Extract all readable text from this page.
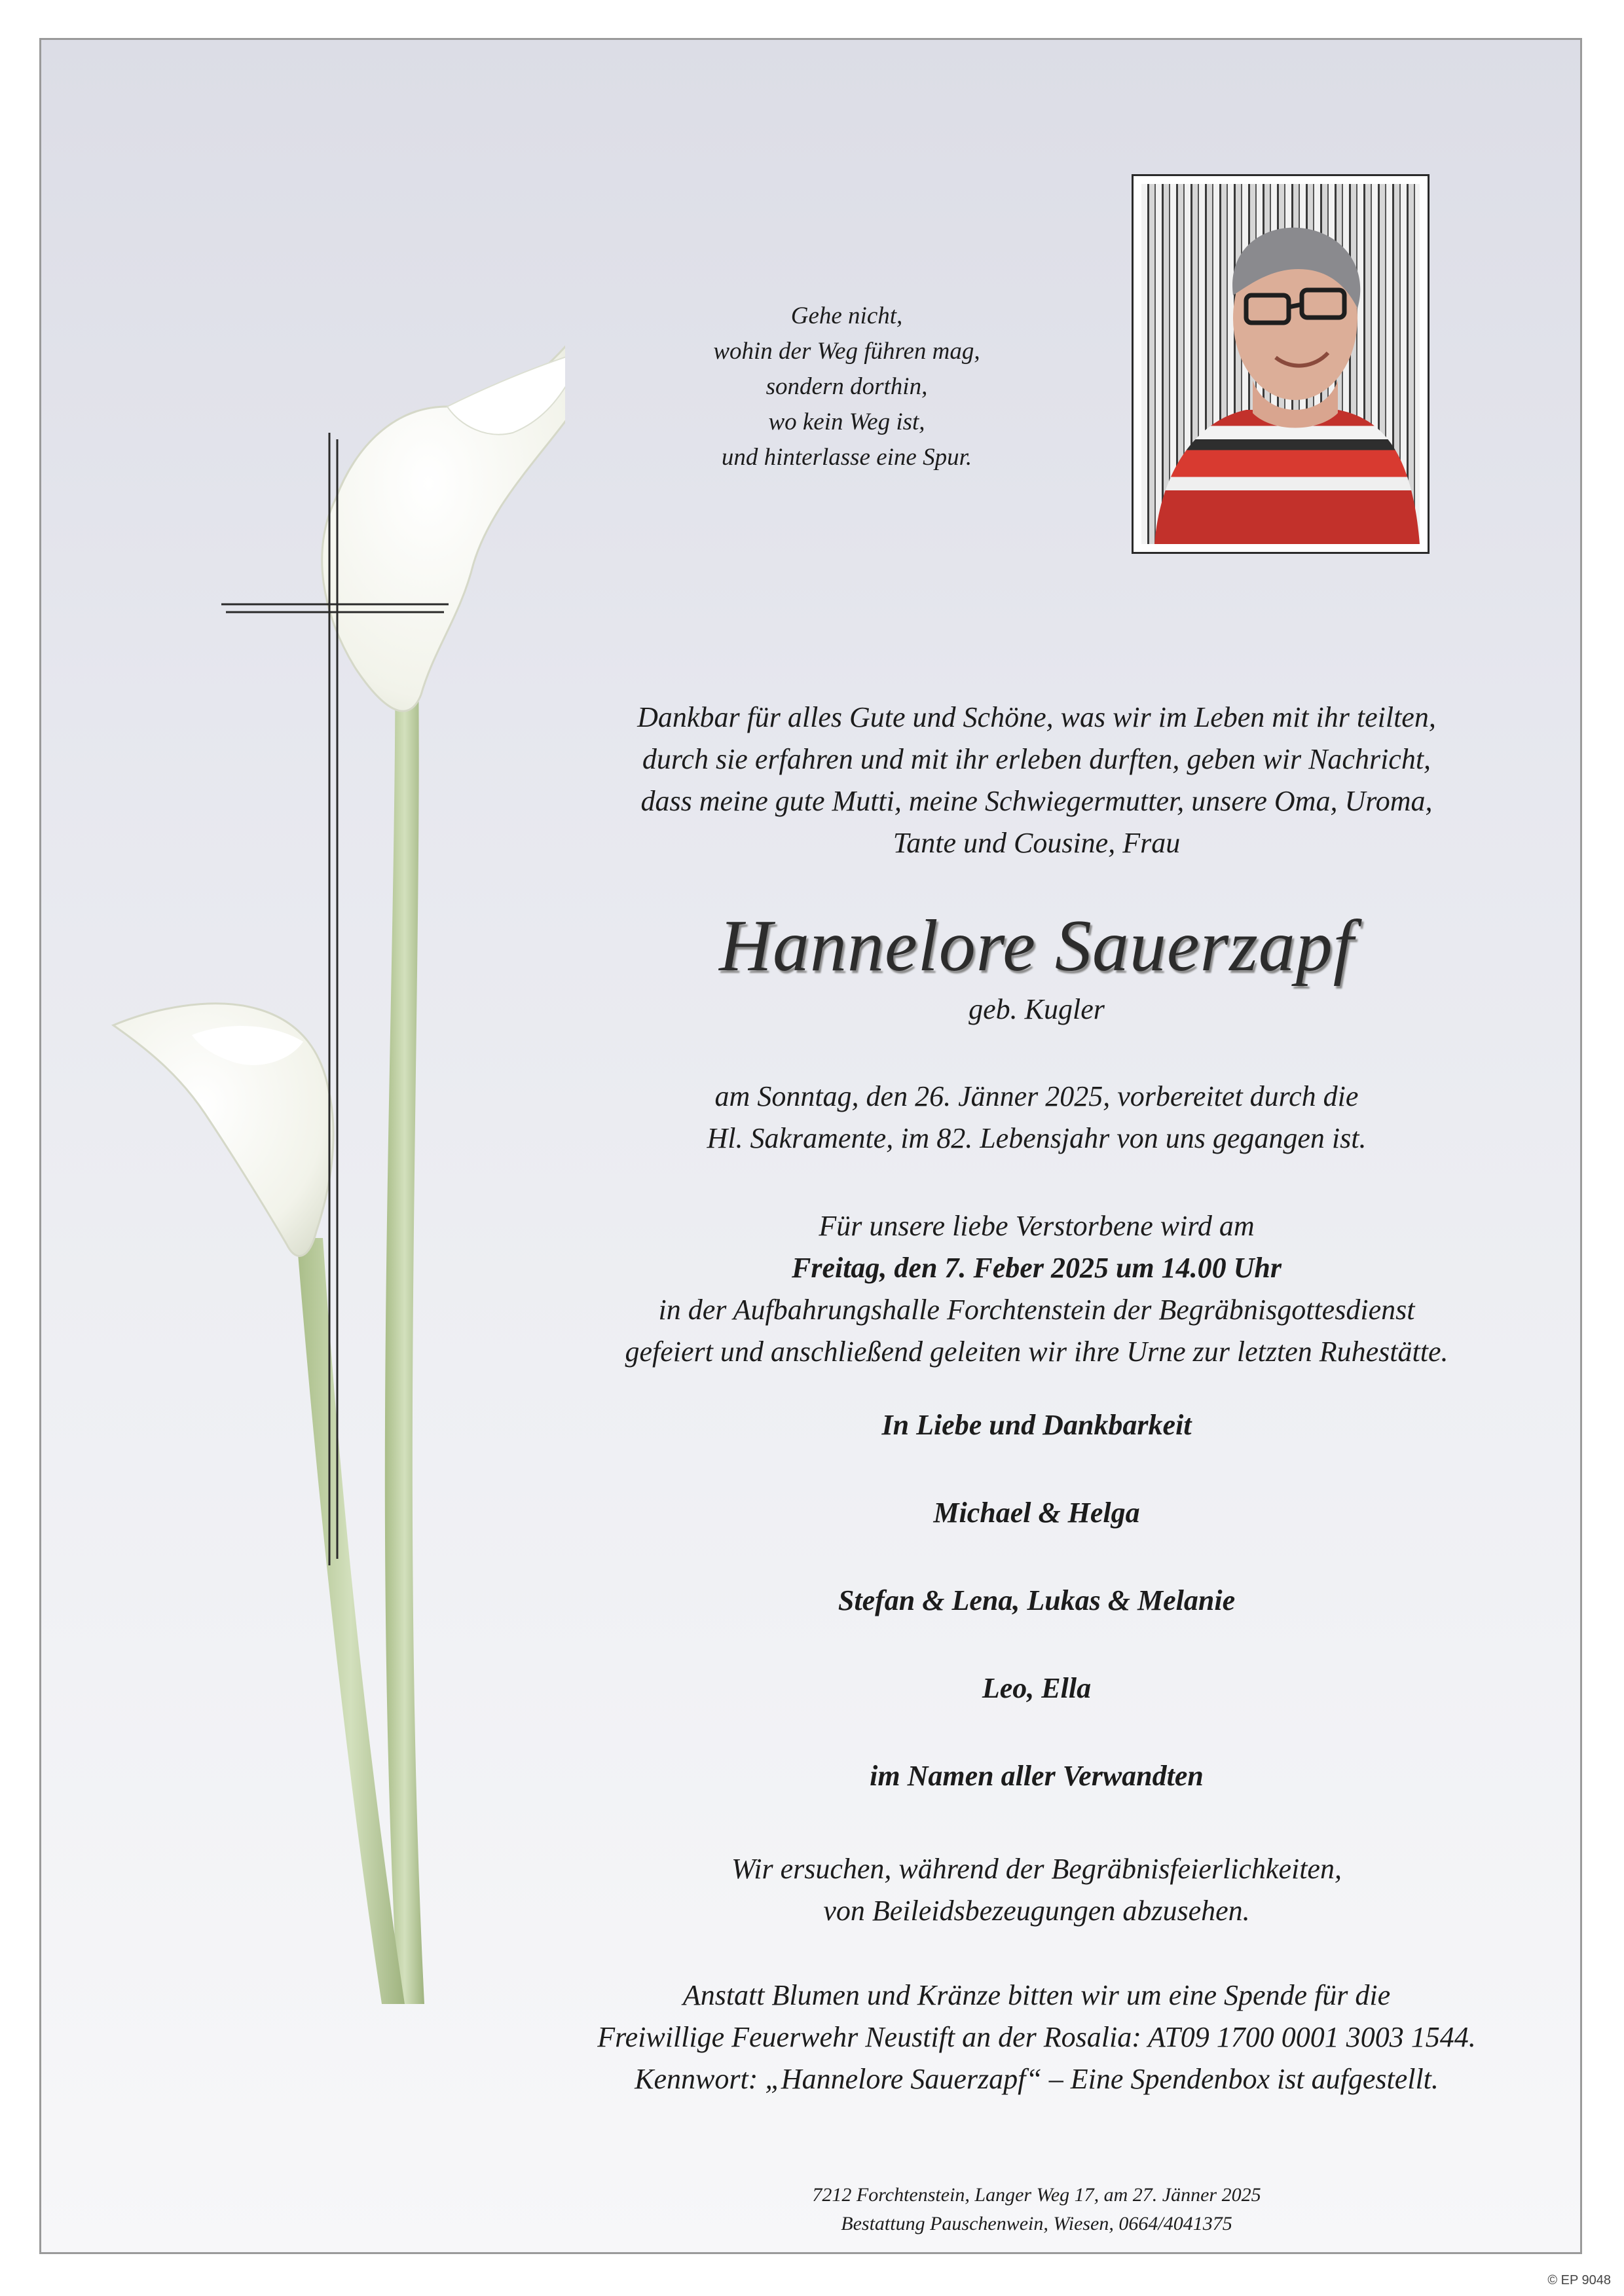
Gehe nicht,
wohin der Weg führen mag,
sondern dorthin,
wo kein Weg ist,
und hinterlasse eine Spur.
Dankbar für alles Gute und Schöne, was wir im Leben mit ihr teilten,
durch sie erfahren und mit ihr erleben durften, geben wir Nachricht,
dass meine gute Mutti, meine Schwiegermutter, unsere Oma, Uroma,
Tante und Cousine, Frau
Hannelore Sauerzapf
geb. Kugler
am Sonntag, den 26. Jänner 2025, vorbereitet durch die
Hl. Sakramente, im 82. Lebensjahr von uns gegangen ist.
Für unsere liebe Verstorbene wird am
Freitag, den 7. Feber 2025 um 14.00 Uhr
in der Aufbahrungshalle Forchtenstein der Begräbnisgottesdienst
gefeiert und anschließend geleiten wir ihre Urne zur letzten Ruhestätte.
In Liebe und Dankbarkeit
Michael & Helga
Stefan & Lena, Lukas & Melanie
Leo, Ella
im Namen aller Verwandten
Wir ersuchen, während der Begräbnisfeierlichkeiten,
von Beileidsbezeugungen abzusehen.
Anstatt Blumen und Kränze bitten wir um eine Spende für die
Freiwillige Feuerwehr Neustift an der Rosalia: AT09 1700 0001 3003 1544.
Kennwort: „Hannelore Sauerzapf“ – Eine Spendenbox ist aufgestellt.
7212 Forchtenstein, Langer Weg 17, am 27. Jänner 2025
Bestattung Pauschenwein, Wiesen, 0664/4041375
© EP 9048
